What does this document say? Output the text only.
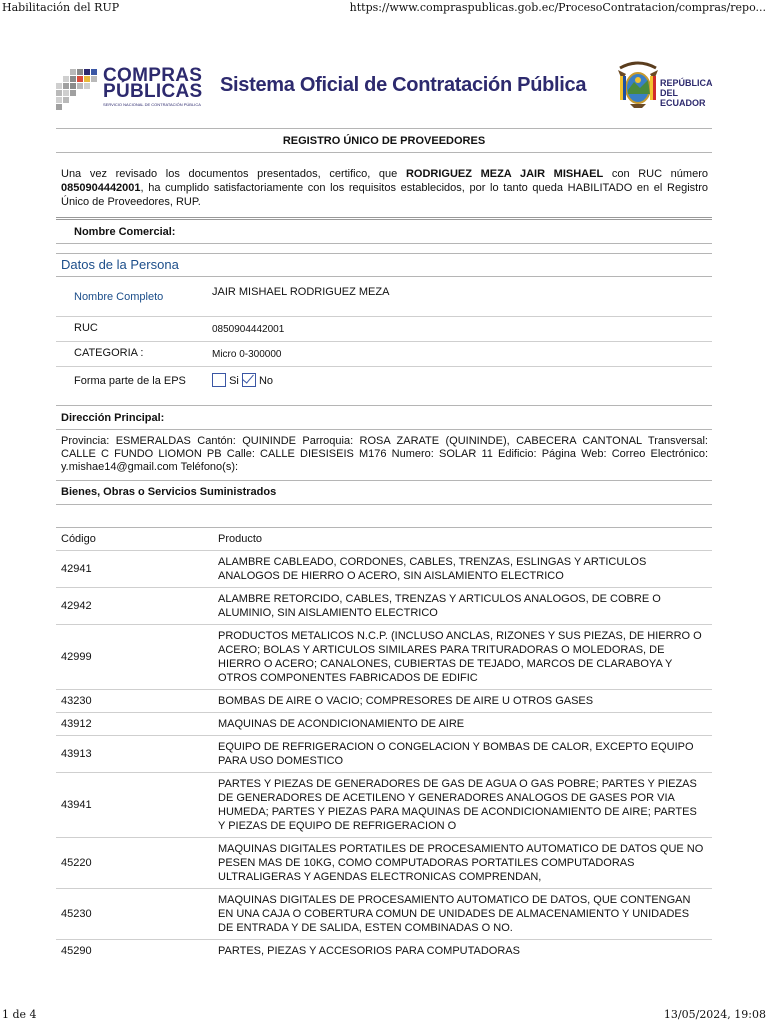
Habilitación del RUP	https://www.compraspublicas.gob.ec/ProcesoContratacion/compras/repo...
COMPRAS
PÚBLICAS
SERVICIO NACIONAL DE CONTRATACIÓN PÚBLICA
Sistema Oficial de Contratación Pública	REPÚBLICA
DEL ECUADOR
REGISTRO ÚNICO DE PROVEEDORES
Una vez revisado los documentos presentados, certifico, que RODRIGUEZ MEZA JAIR MISHAEL con RUC número 0850904442001, ha cumplido satisfactoriamente con los requisitos establecidos, por lo tanto queda HABILITADO en el Registro Único de Proveedores, RUP.
Nombre Comercial:
Datos de la Persona
Nombre Completo	JAIR MISHAEL RODRIGUEZ MEZA
RUC	0850904442001
CATEGORIA :	Micro 0-300000
Forma parte de la EPS	Si No
Dirección Principal:
Provincia: ESMERALDAS Cantón: QUININDE Parroquia: ROSA ZARATE (QUININDE), CABECERA CANTONAL Transversal: CALLE C FUNDO LIOMON PB Calle: CALLE DIESISEIS M176 Numero: SOLAR 11 Edificio: Página Web: Correo Electrónico: y.mishae14@gmail.com Teléfono(s):
Bienes, Obras o Servicios Suministrados
Código	Producto
42941	ALAMBRE CABLEADO, CORDONES, CABLES, TRENZAS, ESLINGAS Y ARTICULOS ANALOGOS DE HIERRO O ACERO, SIN AISLAMIENTO ELECTRICO
42942	ALAMBRE RETORCIDO, CABLES, TRENZAS Y ARTICULOS ANALOGOS, DE COBRE O ALUMINIO, SIN AISLAMIENTO ELECTRICO
42999	PRODUCTOS METALICOS N.C.P. (INCLUSO ANCLAS, RIZONES Y SUS PIEZAS, DE HIERRO O ACERO; BOLAS Y ARTICULOS SIMILARES PARA TRITURADORAS O MOLEDORAS, DE HIERRO O ACERO; CANALONES, CUBIERTAS DE TEJADO, MARCOS DE CLARABOYA Y OTROS COMPONENTES FABRICADOS DE EDIFIC
43230	BOMBAS DE AIRE O VACIO; COMPRESORES DE AIRE U OTROS GASES
43912	MAQUINAS DE ACONDICIONAMIENTO DE AIRE
43913	EQUIPO DE REFRIGERACION O CONGELACION Y BOMBAS DE CALOR, EXCEPTO EQUIPO PARA USO DOMESTICO
43941	PARTES Y PIEZAS DE GENERADORES DE GAS DE AGUA O GAS POBRE; PARTES Y PIEZAS DE GENERADORES DE ACETILENO Y GENERADORES ANALOGOS DE GASES POR VIA HUMEDA; PARTES Y PIEZAS PARA MAQUINAS DE ACONDICIONAMIENTO DE AIRE; PARTES Y PIEZAS DE EQUIPO DE REFRIGERACION O
45220	MAQUINAS DIGITALES PORTATILES DE PROCESAMIENTO AUTOMATICO DE DATOS QUE NO PESEN MAS DE 10KG, COMO COMPUTADORAS PORTATILES COMPUTADORAS ULTRALIGERAS Y AGENDAS ELECTRONICAS COMPRENDAN,
45230	MAQUINAS DIGITALES DE PROCESAMIENTO AUTOMATICO DE DATOS, QUE CONTENGAN EN UNA CAJA O COBERTURA COMUN DE UNIDADES DE ALMACENAMIENTO Y UNIDADES DE ENTRADA Y DE SALIDA, ESTEN COMBINADAS O NO.
45290	PARTES, PIEZAS Y ACCESORIOS PARA COMPUTADORAS
1 de 4	13/05/2024, 19:08
